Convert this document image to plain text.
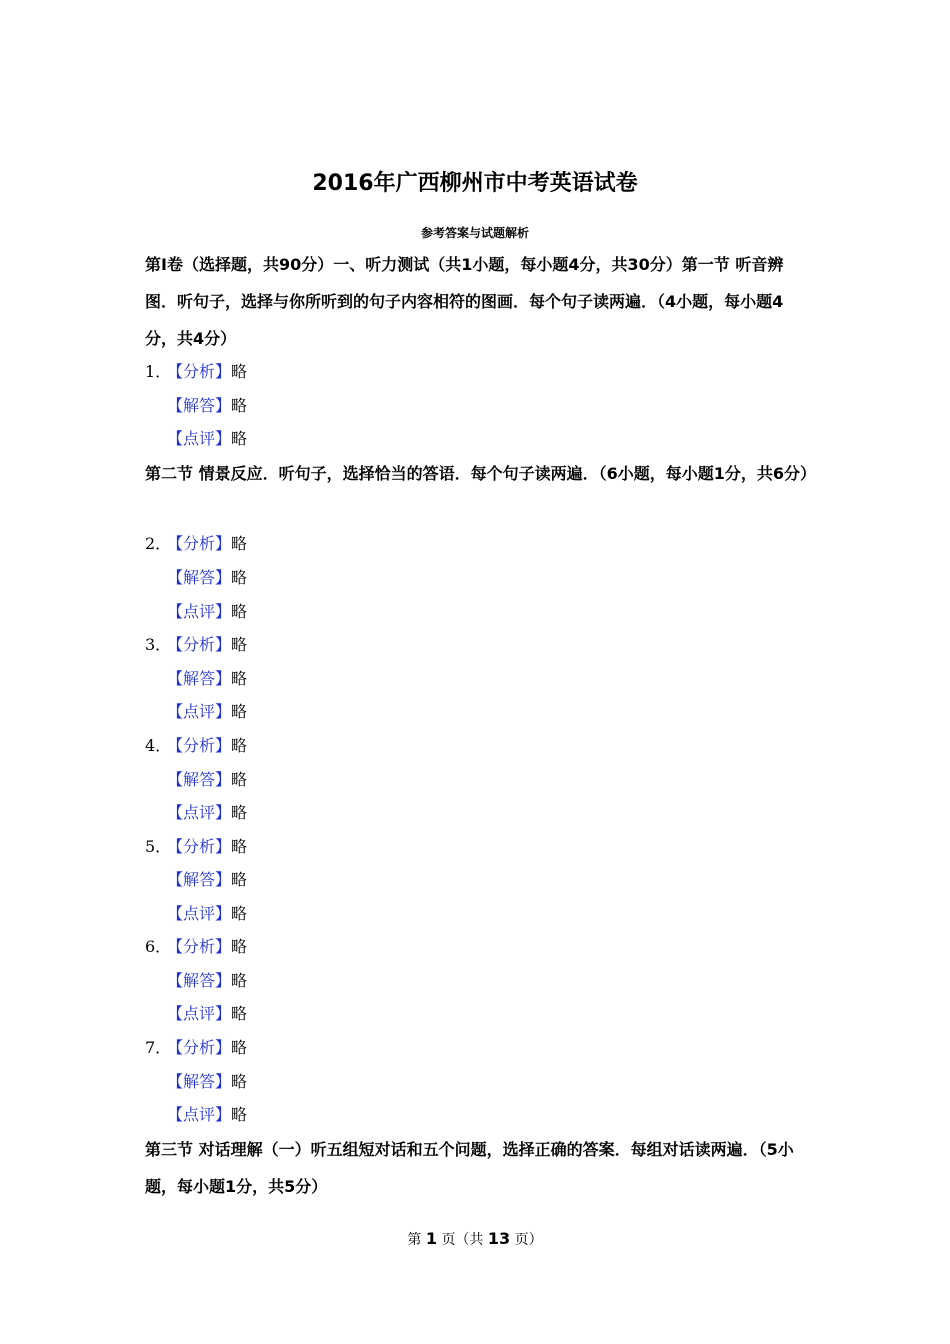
2016年广西柳州市中考英语试卷
参考答案与试题解析
第Ⅰ卷（选择题，共90分）一、听力测试（共1小题，每小题4分，共30分）第一节 听音辨图．听句子，选择与你所听到的句子内容相符的图画．每个句子读两遍．（4小题，每小题4分，共4分）
1．
【分析】略
【解答】略
【点评】略
第二节 情景反应．听句子，选择恰当的答语．每个句子读两遍．（6小题，每小题1分，共6分）
2．
【分析】略
【解答】略
【点评】略
3．
【分析】略
【解答】略
【点评】略
4．
【分析】略
【解答】略
【点评】略
5．
【分析】略
【解答】略
【点评】略
6．
【分析】略
【解答】略
【点评】略
7．
【分析】略
【解答】略
【点评】略
第三节 对话理解（一）听五组短对话和五个问题，选择正确的答案．每组对话读两遍．（5小题，每小题1分，共5分）
第 1 页（共 13 页）
